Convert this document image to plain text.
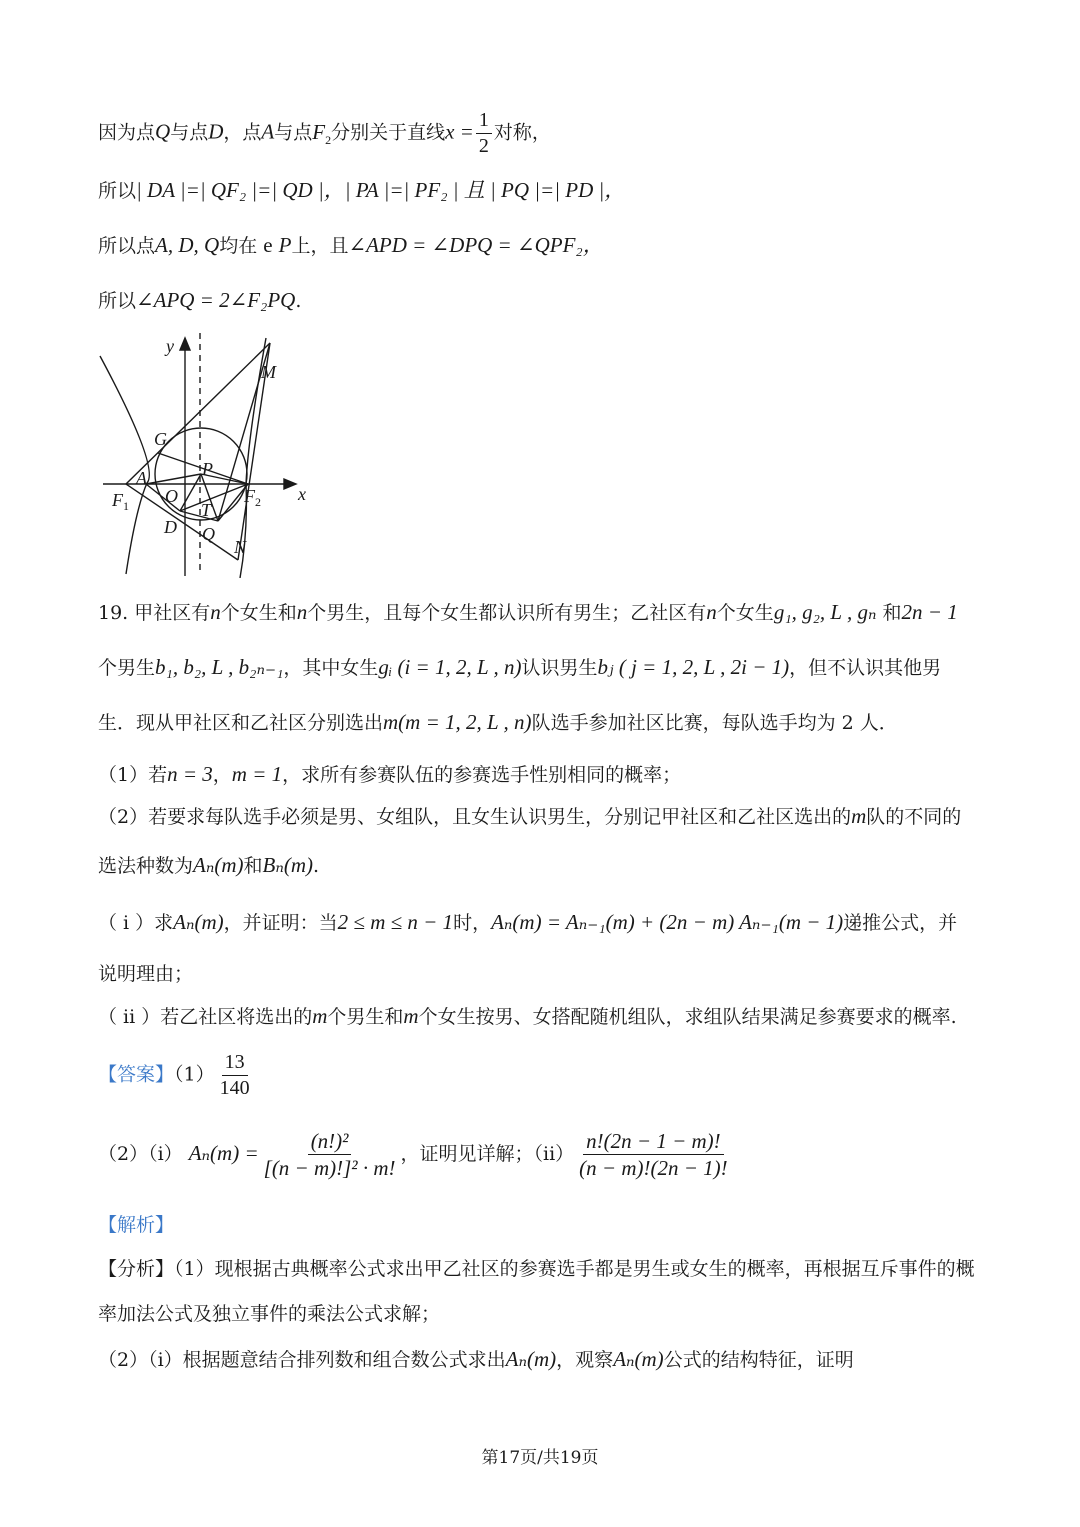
因为点Q与点D，点A与点$F_2$分别关于直线$x = \frac{1}{2}$ 对称，
所以| DA |=| QF₂ |=| QD |，| PA |=| PF₂ | 且 | PQ |=| PD |，
所以点A, D, Q均在 e P上，且∠APD = ∠DPQ = ∠QPF₂，
所以∠APQ = 2∠F₂PQ.
y
x
M
G
P
A
O
$F_1$	$F_2$
T
D Q
N
19. 甲社区有n个女生和n个男生，且每个女生都认识所有男生；乙社区有n个女生g₁, g₂, L , gₙ 和2n − 1
个男生b₁, b₂, L , b₂ₙ₋₁，其中女生gᵢ (i = 1, 2, L , n)认识男生bⱼ ( j = 1, 2, L , 2i − 1)，但不认识其他男
生．现从甲社区和乙社区分别选出m(m = 1, 2, L , n)队选手参加社区比赛，每队选手均为 2 人．
（1）若n = 3，m = 1，求所有参赛队伍的参赛选手性别相同的概率；
（2）若要求每队选手必须是男、女组队，且女生认识男生，分别记甲社区和乙社区选出的m队的不同的
选法种数为Aₙ(m)和Bₙ(m).
（ i ）求Aₙ(m)，并证明：当2 ≤ m ≤ n − 1时，Aₙ(m) = Aₙ₋₁(m) + (2n − m) Aₙ₋₁(m − 1)递推公式，并
说明理由；
（ ii ）若乙社区将选出的m个男生和m个女生按男、女搭配随机组队，求组队结果满足参赛要求的概率.
【答案】$(1) \frac{13}{140}$
（2）（i） $A_n(m) = \frac{\text{(n!)²}}{\text{[(n − m)!]² · m!}}$ ，证明见详解；$(ii) \frac{n!(2n - 1 - m)!}{(n - m)!(2n - 1)!}$
【解析】
【分析】（1）现根据古典概率公式求出甲乙社区的参赛选手都是男生或女生的概率，再根据互斥事件的概
率加法公式及独立事件的乘法公式求解；
（2）（i）根据题意结合排列数和组合数公式求出Aₙ(m)，观察Aₙ(m)公式的结构特征，证明
第17页/共19页
